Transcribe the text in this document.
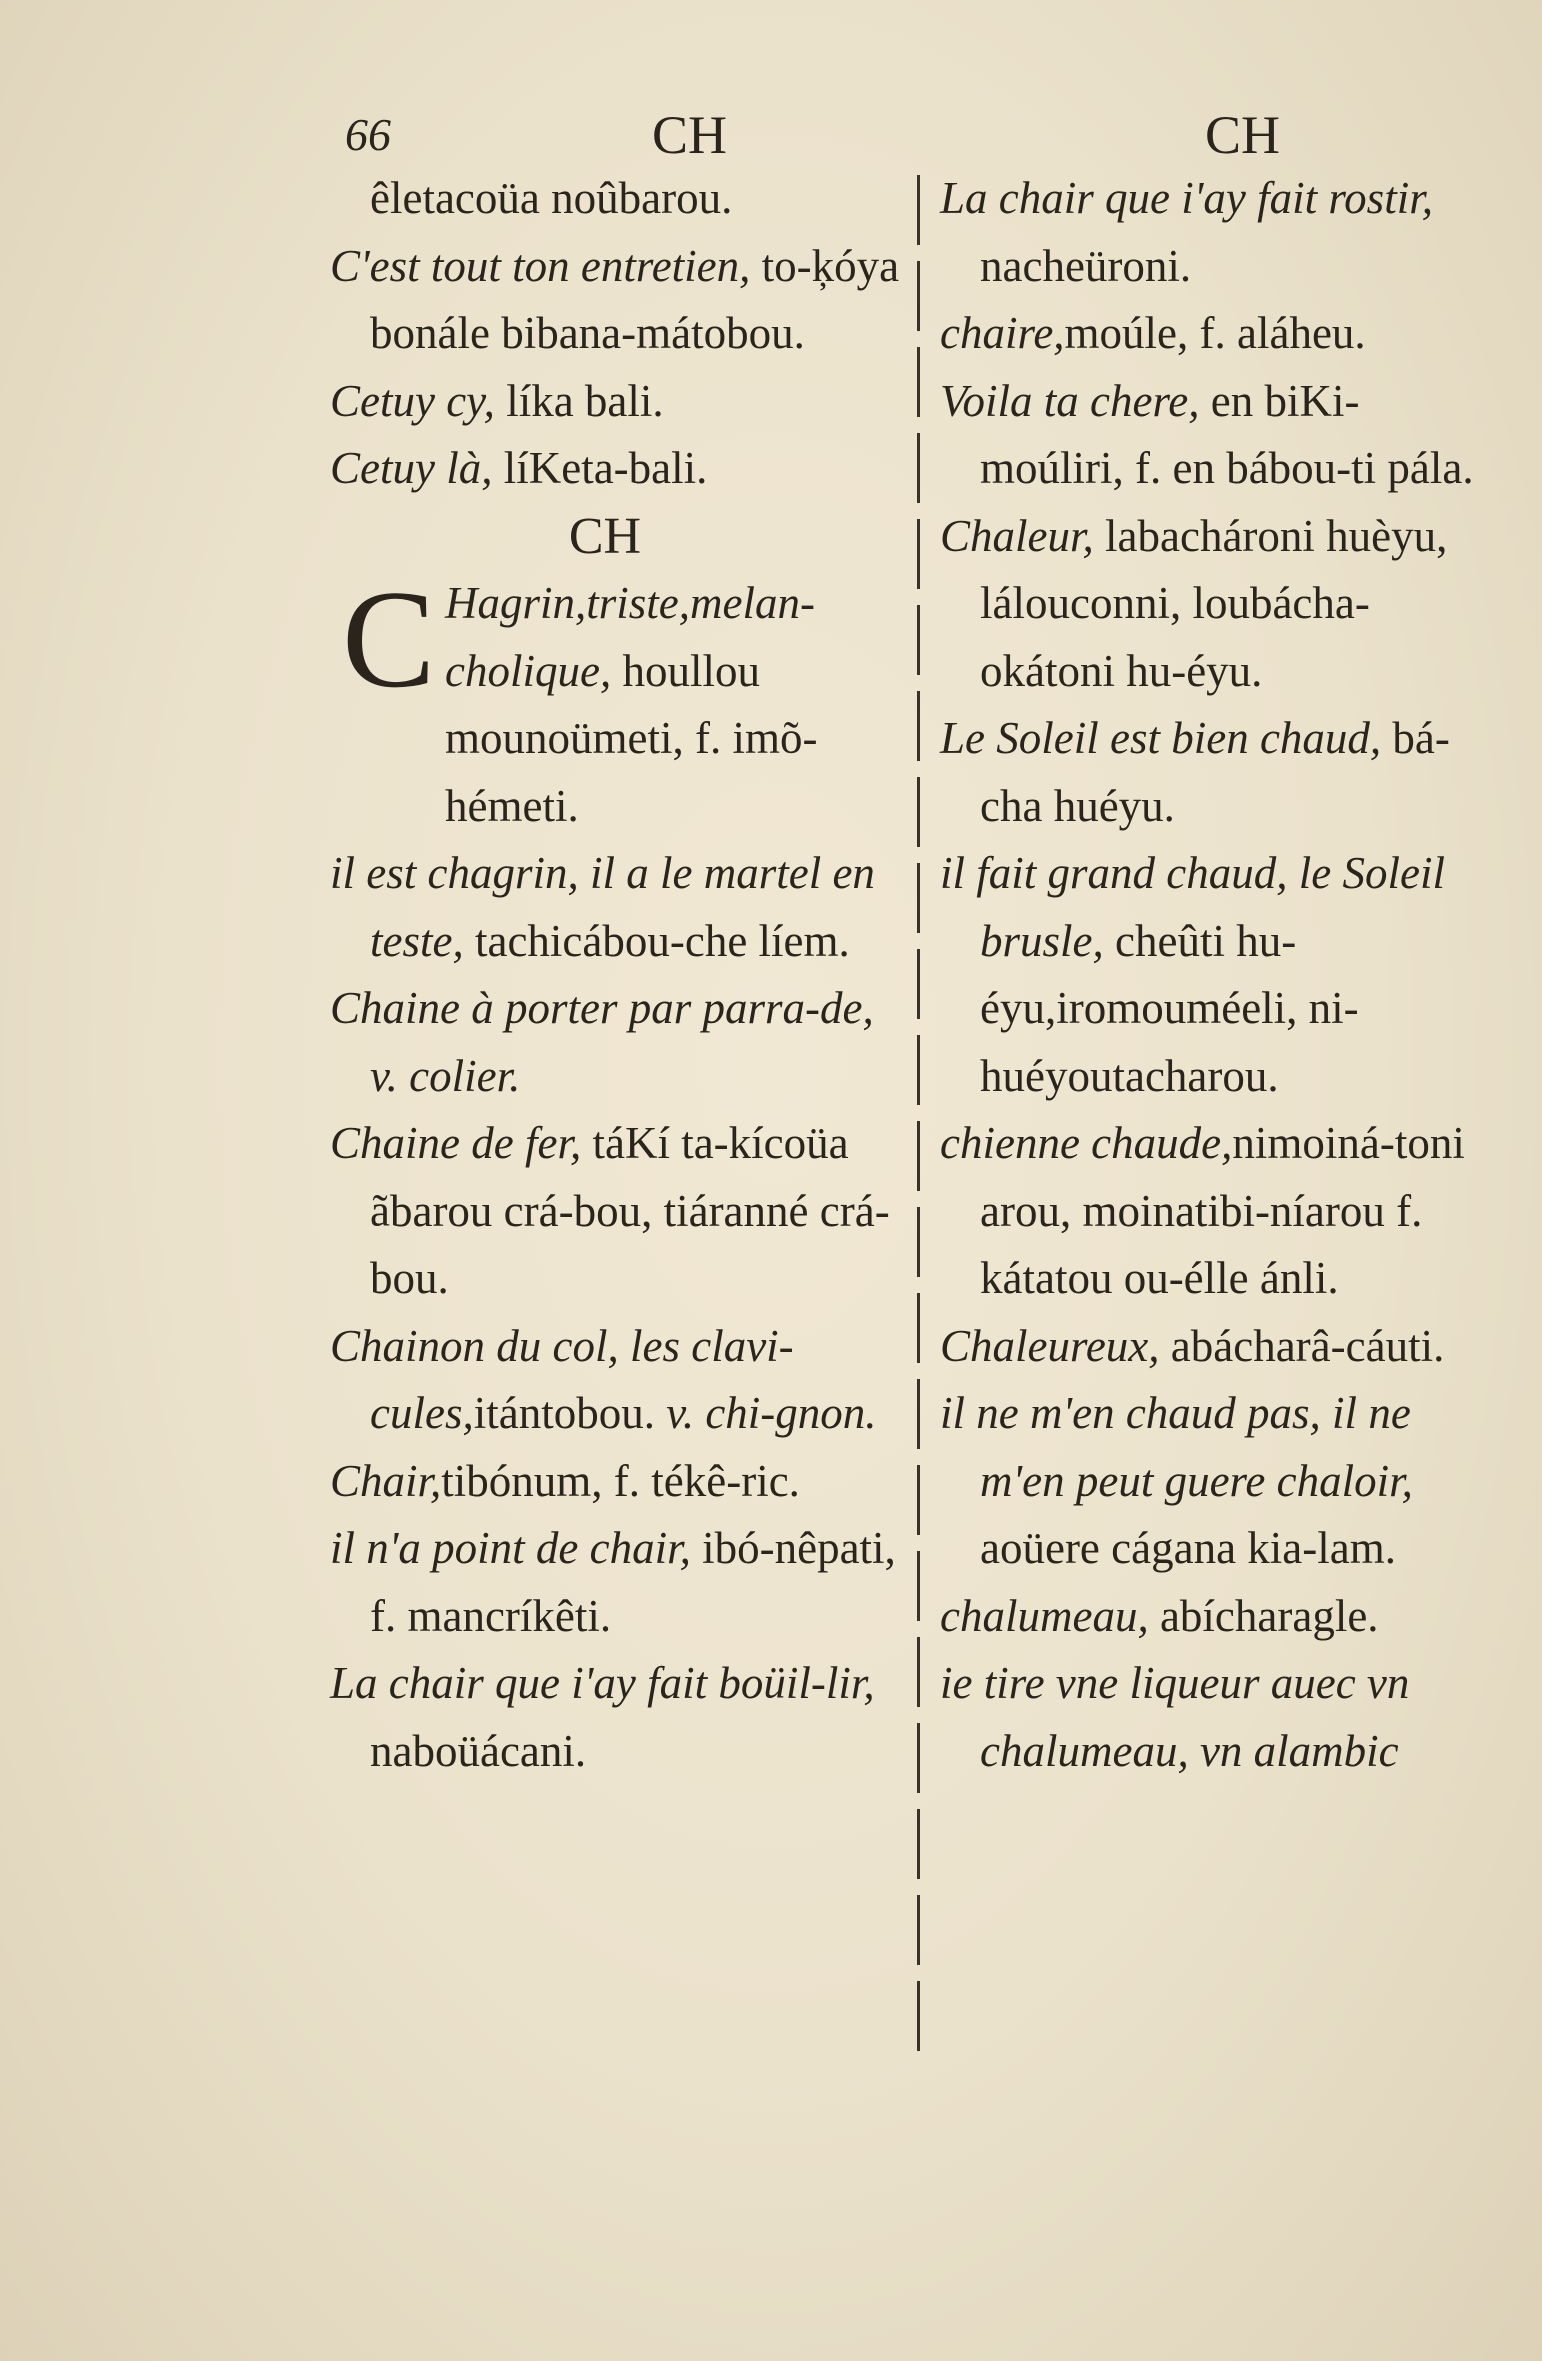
66	CH	CH
êletacoüa noûbarou.
C'est tout ton entretien, to-ķóya bonále bibana-mátobou.
Cetuy cy, líka bali.
Cetuy là, líKeta-bali.
CH
C Hagrin,triste,melan-cholique, houllou mounoümeti, f. imõ-hémeti.
il est chagrin, il a le martel en teste, tachicábou-che líem.
Chaine à porter par parra-de, v. colier.
Chaine de fer, táKí ta-kícoüa ãbarou crá-bou, tiáranné crá-bou.
Chainon du col, les clavi-cules,itántobou. v. chi-gnon.
Chair,tibónum, f. tékê-ric.
il n'a point de chair, ibó-nêpati, f. mancríkêti.
La chair que i'ay fait boüil-lir, naboüácani.
La chair que i'ay fait rostir, nacheüroni.
chaire,moúle, f. aláheu.
Voila ta chere, en biKi-moúliri, f. en bábou-ti pála.
Chaleur, labachároni huèyu, lálouconni, loubácha-okátoni hu-éyu.
Le Soleil est bien chaud, bá-cha huéyu.
il fait grand chaud, le Soleil brusle, cheûti hu-éyu,iromouméeli, ni-huéyoutacharou.
chienne chaude,nimoiná-toni arou, moinatibi-níarou f. kátatou ou-élle ánli.
Chaleureux, abácharâ-cáuti.
il ne m'en chaud pas, il ne m'en peut guere chaloir, aoüere cágana kia-lam.
chalumeau, abícharagle.
ie tire vne liqueur auec vn chalumeau, vn alambic
